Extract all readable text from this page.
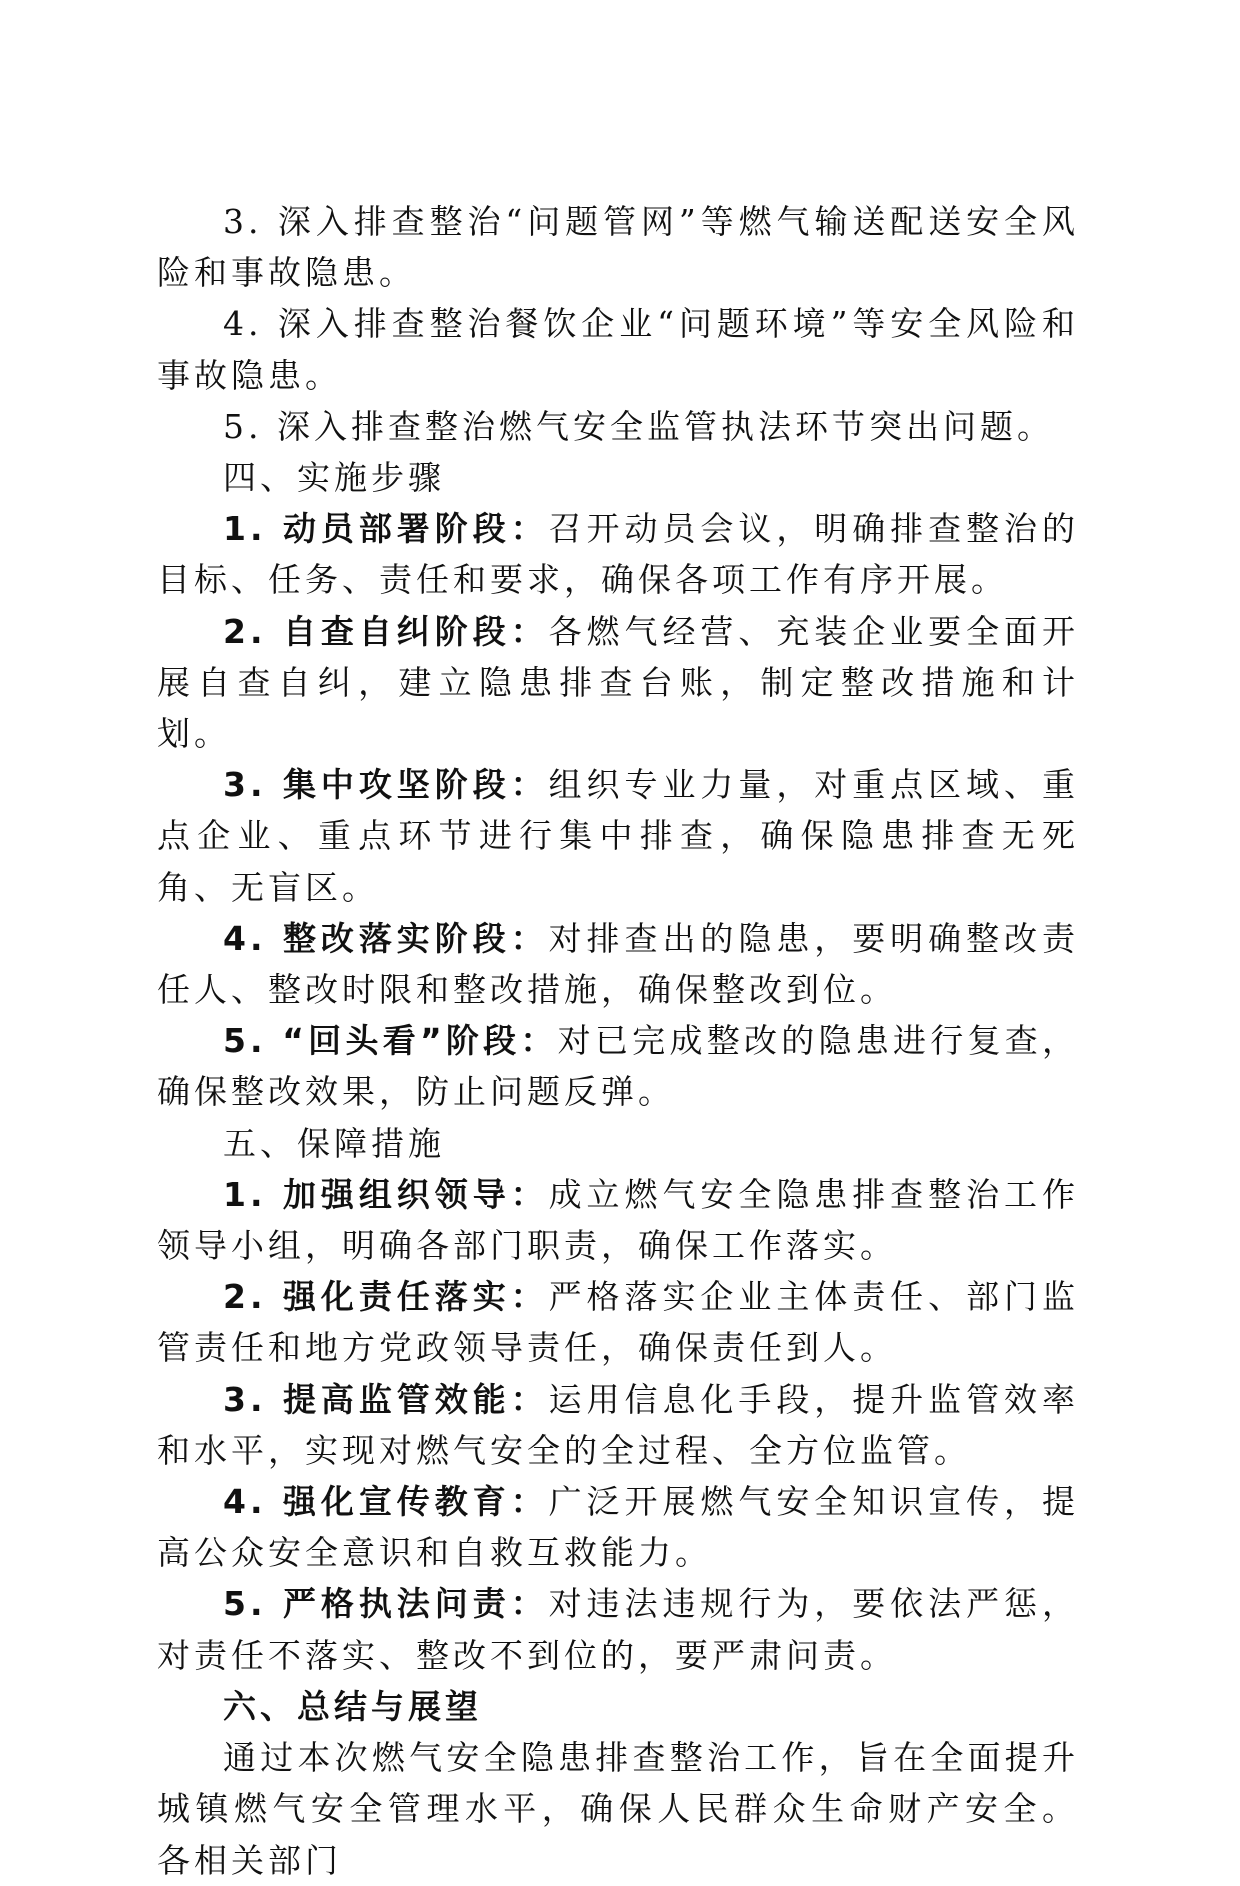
3. 深入排查整治“问题管网”等燃气输送配送安全风险和事故隐患。

4. 深入排查整治餐饮企业“问题环境”等安全风险和事故隐患。

5. 深入排查整治燃气安全监管执法环节突出问题。

四、实施步骤

1. 动员部署阶段：召开动员会议，明确排查整治的目标、任务、责任和要求，确保各项工作有序开展。

2. 自查自纠阶段：各燃气经营、充装企业要全面开展自查自纠，建立隐患排查台账，制定整改措施和计划。

3. 集中攻坚阶段：组织专业力量，对重点区域、重点企业、重点环节进行集中排查，确保隐患排查无死角、无盲区。

4. 整改落实阶段：对排查出的隐患，要明确整改责任人、整改时限和整改措施，确保整改到位。

5. “回头看”阶段：对已完成整改的隐患进行复查，确保整改效果，防止问题反弹。

五、保障措施

1. 加强组织领导：成立燃气安全隐患排查整治工作领导小组，明确各部门职责，确保工作落实。

2. 强化责任落实：严格落实企业主体责任、部门监管责任和地方党政领导责任，确保责任到人。

3. 提高监管效能：运用信息化手段，提升监管效率和水平，实现对燃气安全的全过程、全方位监管。

4. 强化宣传教育：广泛开展燃气安全知识宣传，提高公众安全意识和自救互救能力。

5. 严格执法问责：对违法违规行为，要依法严惩，对责任不落实、整改不到位的，要严肃问责。

六、总结与展望

通过本次燃气安全隐患排查整治工作，旨在全面提升城镇燃气安全管理水平，确保人民群众生命财产安全。各相关部门
